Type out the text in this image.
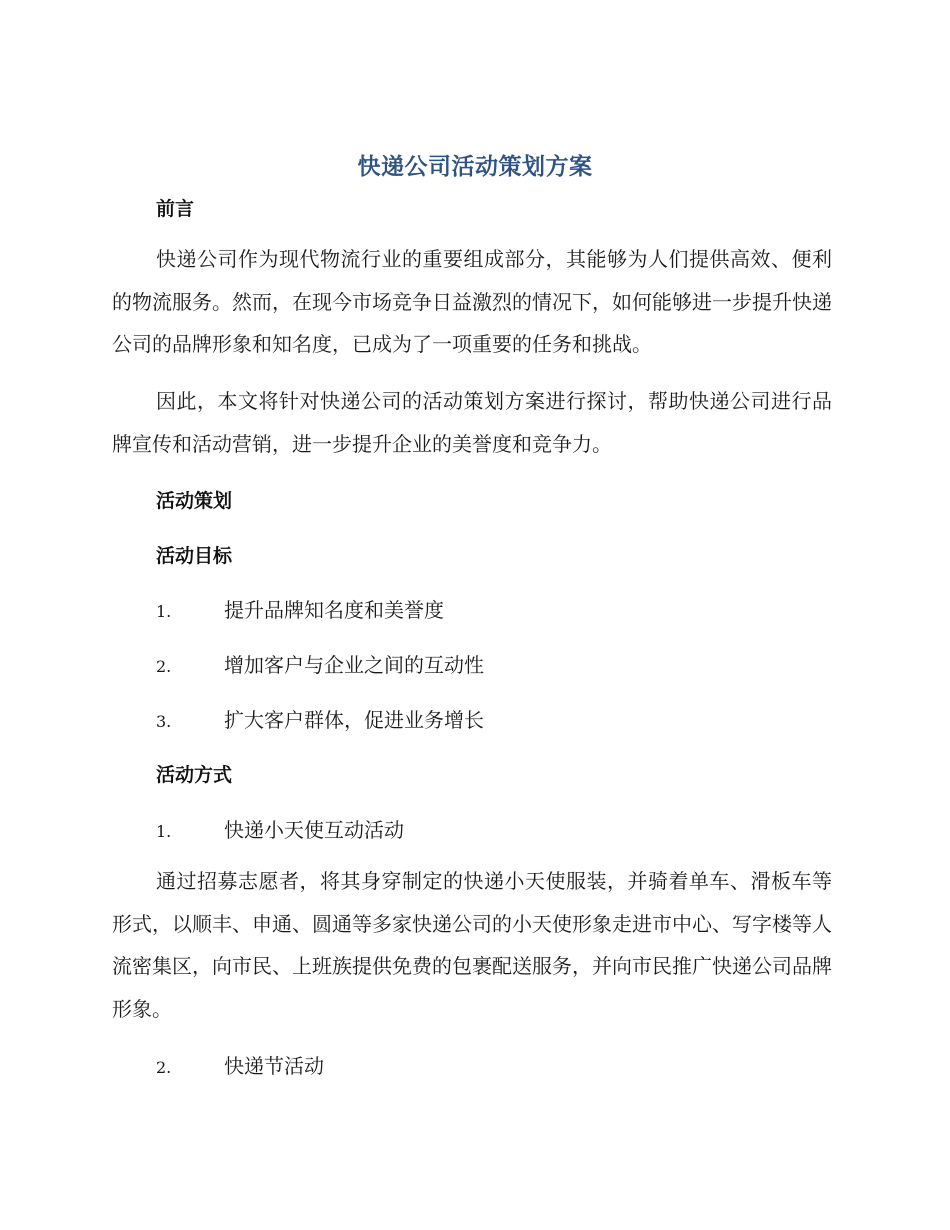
快递公司活动策划方案
前言

快递公司作为现代物流行业的重要组成部分，其能够为人们提供高效、便利的物流服务。然而，在现今市场竞争日益激烈的情况下，如何能够进一步提升快递公司的品牌形象和知名度，已成为了一项重要的任务和挑战。

因此，本文将针对快递公司的活动策划方案进行探讨，帮助快递公司进行品牌宣传和活动营销，进一步提升企业的美誉度和竞争力。

活动策划
活动目标
1.	提升品牌知名度和美誉度
2.	增加客户与企业之间的互动性
3.	扩大客户群体，促进业务增长
活动方式
1.	快递小天使互动活动

通过招募志愿者，将其身穿制定的快递小天使服装，并骑着单车、滑板车等形式，以顺丰、申通、圆通等多家快递公司的小天使形象走进市中心、写字楼等人流密集区，向市民、上班族提供免费的包裹配送服务，并向市民推广快递公司品牌形象。

2.	快递节活动
